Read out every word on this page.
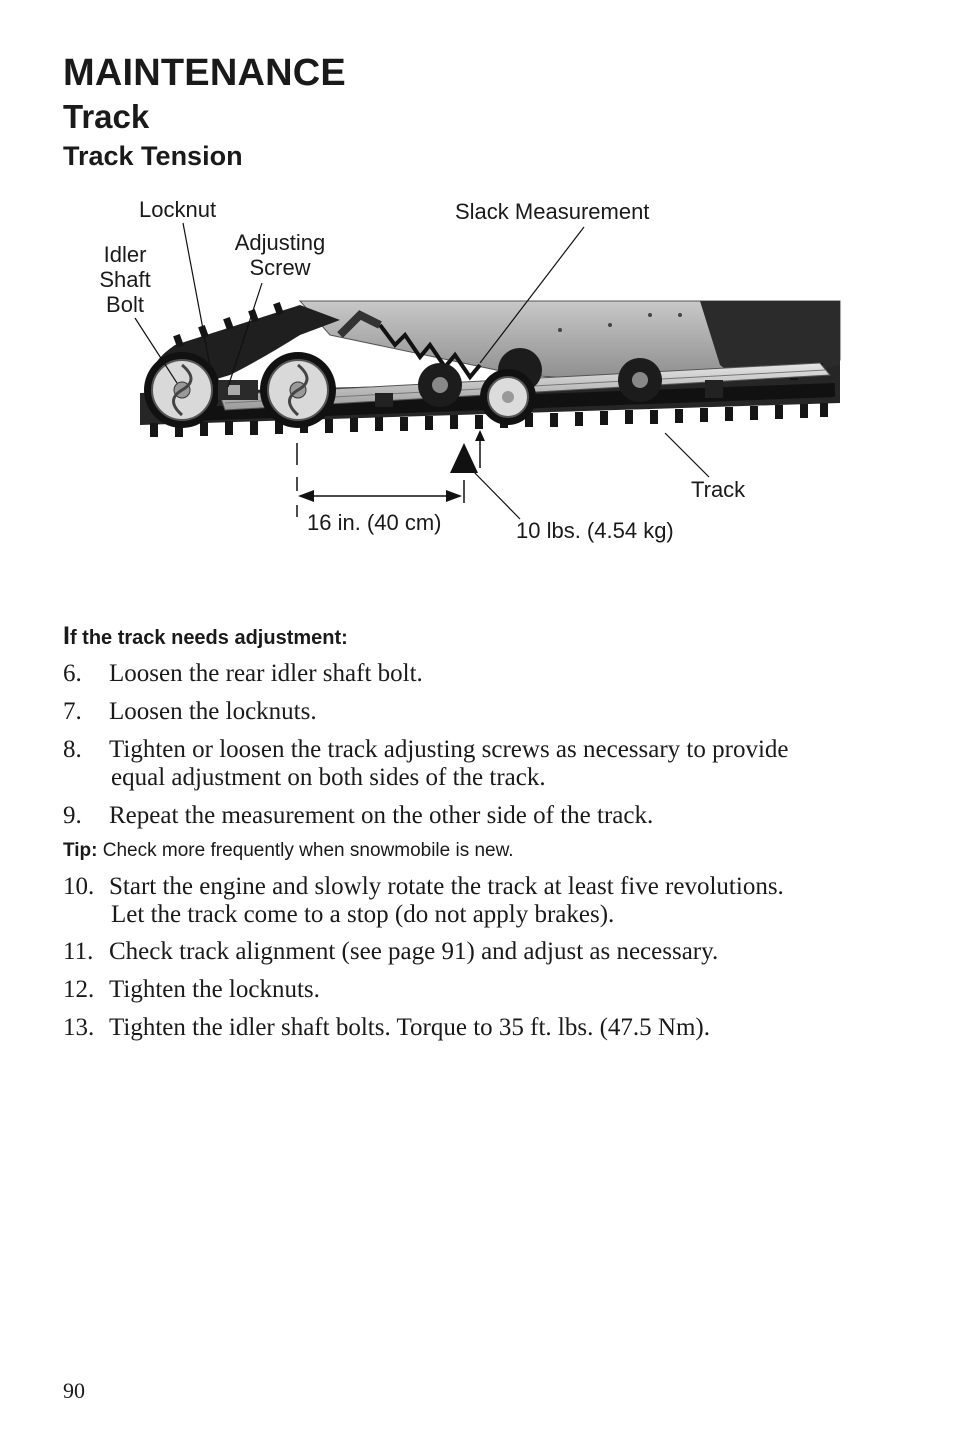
MAINTENANCE
Track
Track Tension
Locknut
Idler
Shaft
Bolt
Adjusting
Screw
Slack Measurement
Track
16 in. (40 cm)	10 lbs. (4.54 kg)
If the track needs adjustment:
6. Loosen the rear idler shaft bolt.
7. Loosen the locknuts.
8. Tighten or loosen the track adjusting screws as necessary to provide
equal adjustment on both sides of the track.
9. Repeat the measurement on the other side of the track.
Tip: Check more frequently when snowmobile is new.
10. Start the engine and slowly rotate the track at least five revolutions.
Let the track come to a stop (do not apply brakes).
11. Check track alignment (see page 91) and adjust as necessary.
12. Tighten the locknuts.
13. Tighten the idler shaft bolts. Torque to 35 ft. lbs. (47.5 Nm).
90
